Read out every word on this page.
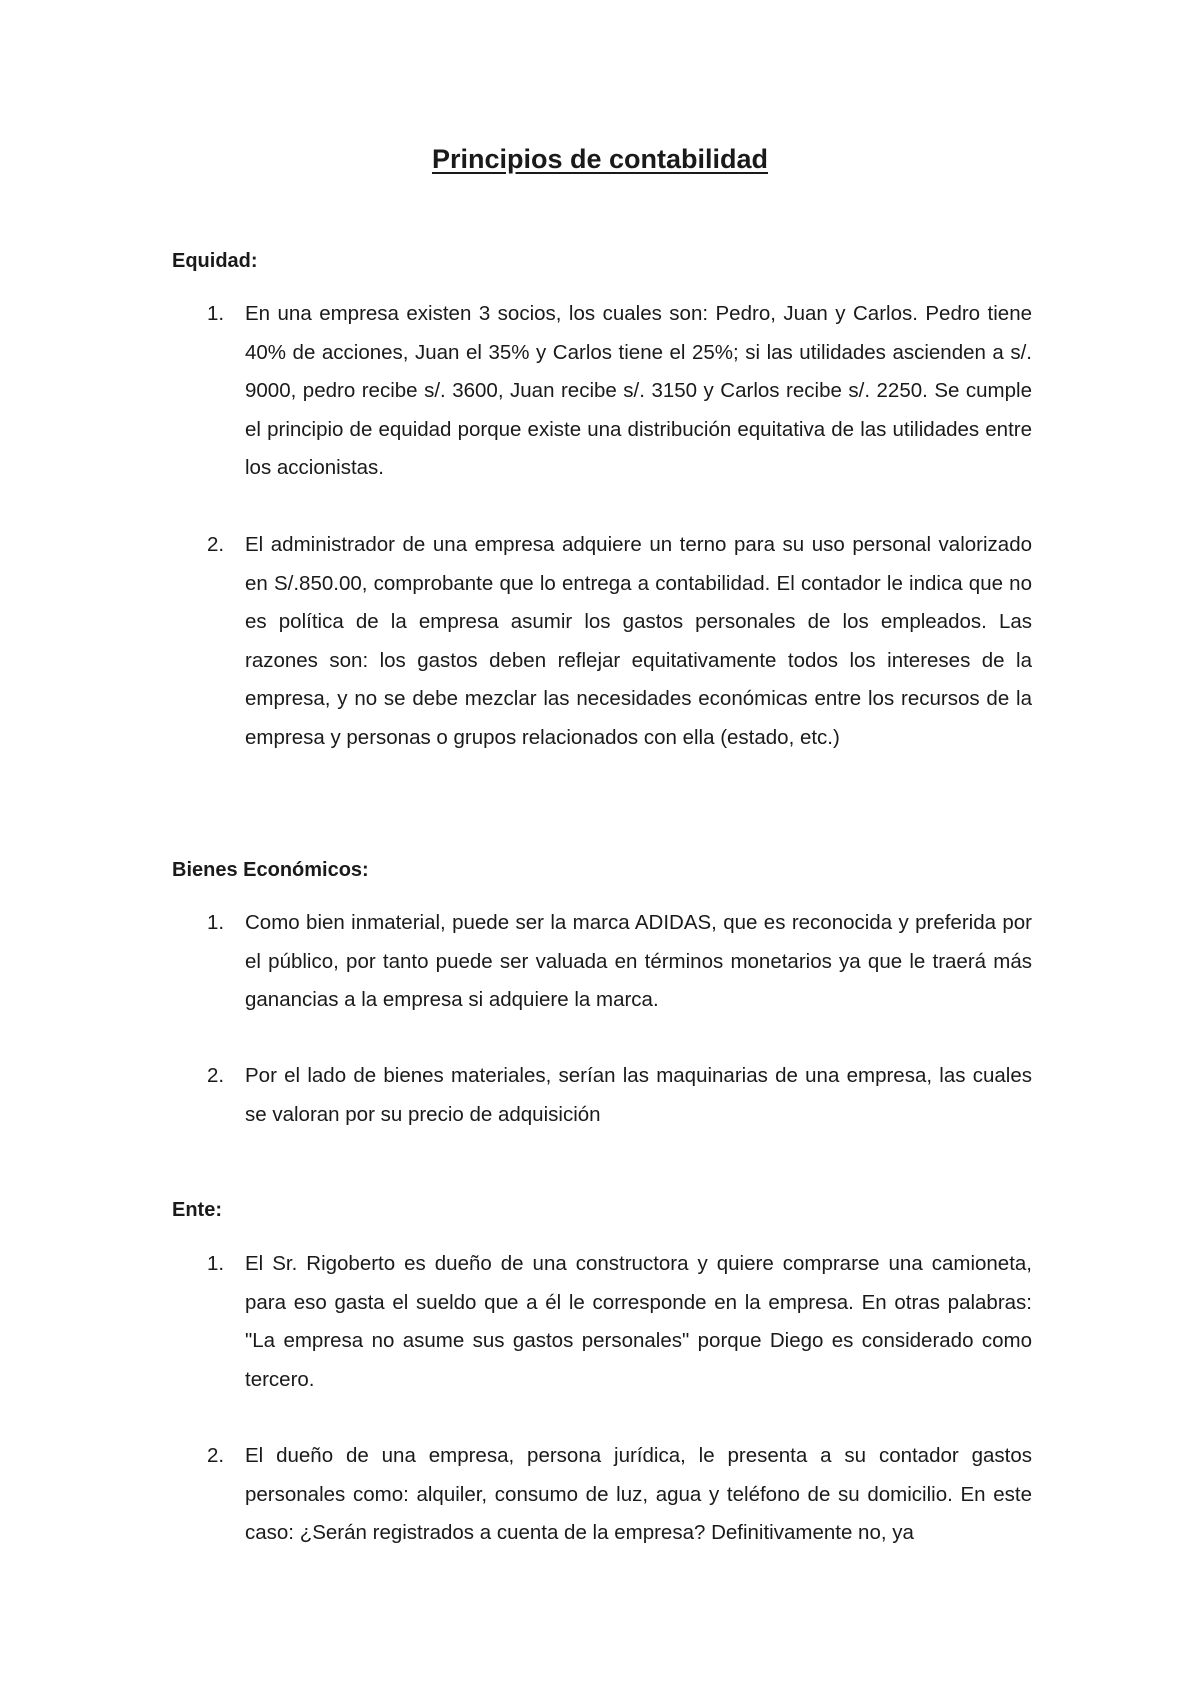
Principios de contabilidad
Equidad:
1. En una empresa existen 3 socios, los cuales son: Pedro, Juan y Carlos. Pedro tiene 40% de acciones, Juan el 35% y Carlos tiene el 25%; si las utilidades ascienden a s/. 9000, pedro recibe s/. 3600, Juan recibe s/. 3150 y Carlos recibe s/. 2250. Se cumple el principio de equidad porque existe una distribución equitativa de las utilidades entre los accionistas.
2. El administrador de una empresa adquiere un terno para su uso personal valorizado en S/.850.00, comprobante que lo entrega a contabilidad. El contador le indica que no es política de la empresa asumir los gastos personales de los empleados. Las razones son: los gastos deben reflejar equitativamente todos los intereses de la empresa, y no se debe mezclar las necesidades económicas entre los recursos de la empresa y personas o grupos relacionados con ella (estado, etc.)
Bienes Económicos:
1. Como bien inmaterial, puede ser la marca ADIDAS, que es reconocida y preferida por el público, por tanto puede ser valuada en términos monetarios ya que le traerá más ganancias a la empresa si adquiere la marca.
2. Por el lado de bienes materiales, serían las maquinarias de una empresa, las cuales se valoran por su precio de adquisición
Ente:
1. El Sr. Rigoberto es dueño de una constructora y quiere comprarse una camioneta, para eso gasta el sueldo que a él le corresponde en la empresa. En otras palabras: "La empresa no asume sus gastos personales" porque Diego es considerado como tercero.
2. El dueño de una empresa, persona jurídica, le presenta a su contador gastos personales como: alquiler, consumo de luz, agua y teléfono de su domicilio. En este caso: ¿Serán registrados a cuenta de la empresa? Definitivamente no, ya
